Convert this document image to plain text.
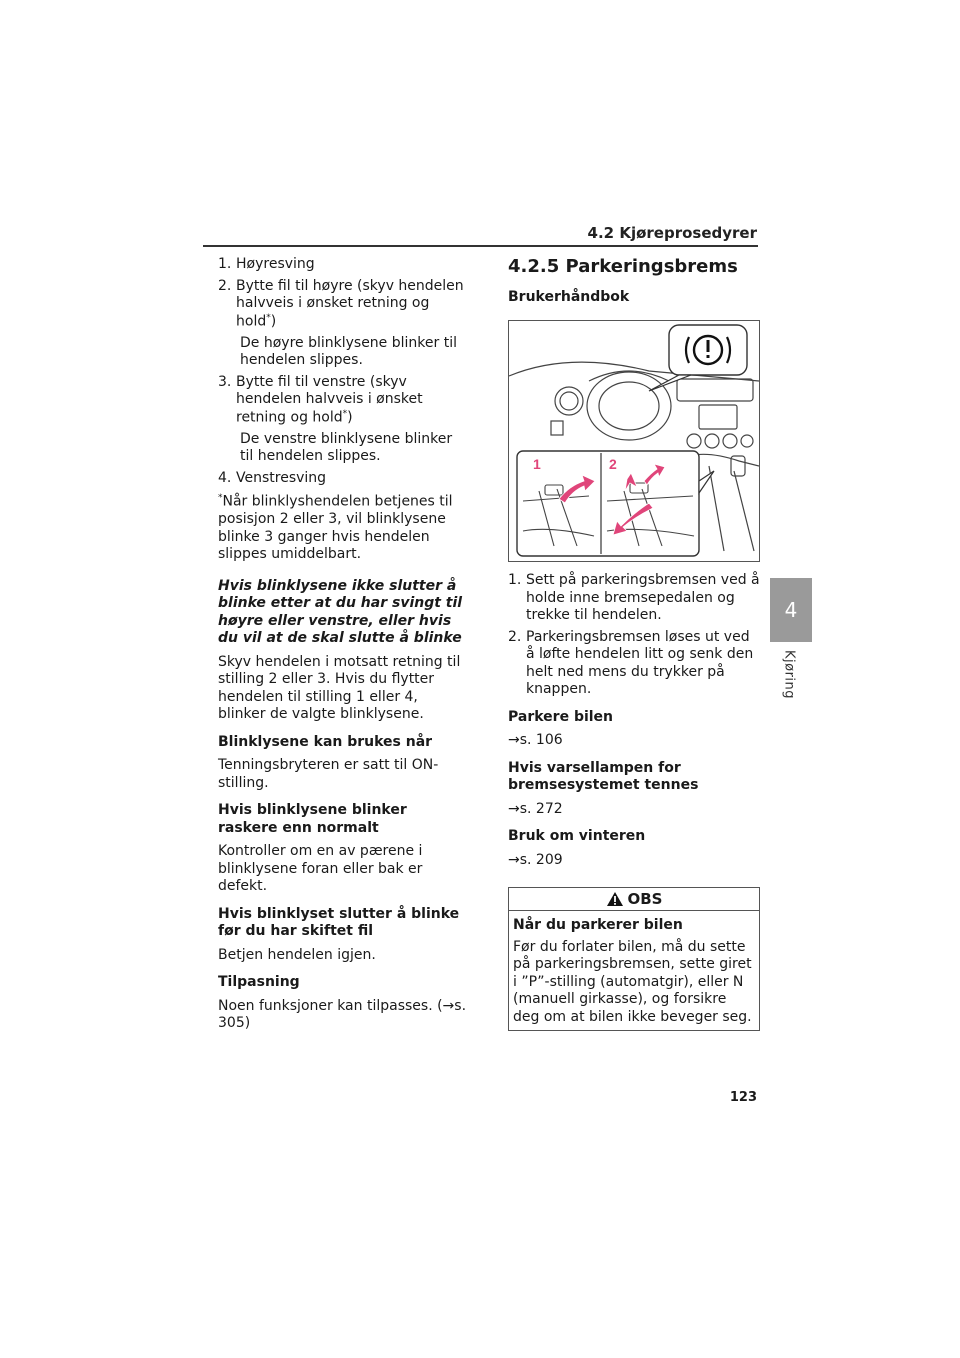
4.2 Kjøreprosedyrer
4
Kjøring
1. Høyresving
2. Bytte fil til høyre (skyv hendelen halvveis i ønsket retning og hold*)

De høyre blinklysene blinker til hendelen slippes.

3. Bytte fil til venstre (skyv hendelen halvveis i ønsket retning og hold*)

De venstre blinklysene blinker til hendelen slippes.

4. Venstresving

*Når blinklyshendelen betjenes til posisjon 2 eller 3, vil blinklysene blinke 3 ganger hvis hendelen slippes umiddelbart.

Hvis blinklysene ikke slutter å blinke etter at du har svingt til høyre eller venstre, eller hvis du vil at de skal slutte å blinke

Skyv hendelen i motsatt retning til stilling 2 eller 3. Hvis du flytter hendelen til stilling 1 eller 4, blinker de valgte blinklysene.

Blinklysene kan brukes når

Tenningsbryteren er satt til ON-stilling.

Hvis blinklysene blinker raskere enn normalt

Kontroller om en av pærene i blinklysene foran eller bak er defekt.

Hvis blinklyset slutter å blinke før du har skiftet fil

Betjen hendelen igjen.

Tilpasning

Noen funksjoner kan tilpasses. (→s. 305)

4.2.5 Parkeringsbrems
Brukerhåndbok
1	2
1. Sett på parkeringsbremsen ved å holde inne bremsepedalen og trekke til hendelen.
2. Parkeringsbremsen løses ut ved å løfte hendelen litt og senk den helt ned mens du trykker på knappen.

Parkere bilen

→s. 106

Hvis varsellampen for bremsesystemet tennes

→s. 272

Bruk om vinteren

→s. 209

OBS

Når du parkerer bilen

Før du forlater bilen, må du sette på parkeringsbremsen, sette giret i ”P”-stilling (automatgir), eller N (manuell girkasse), og forsikre deg om at bilen ikke beveger seg.

123
